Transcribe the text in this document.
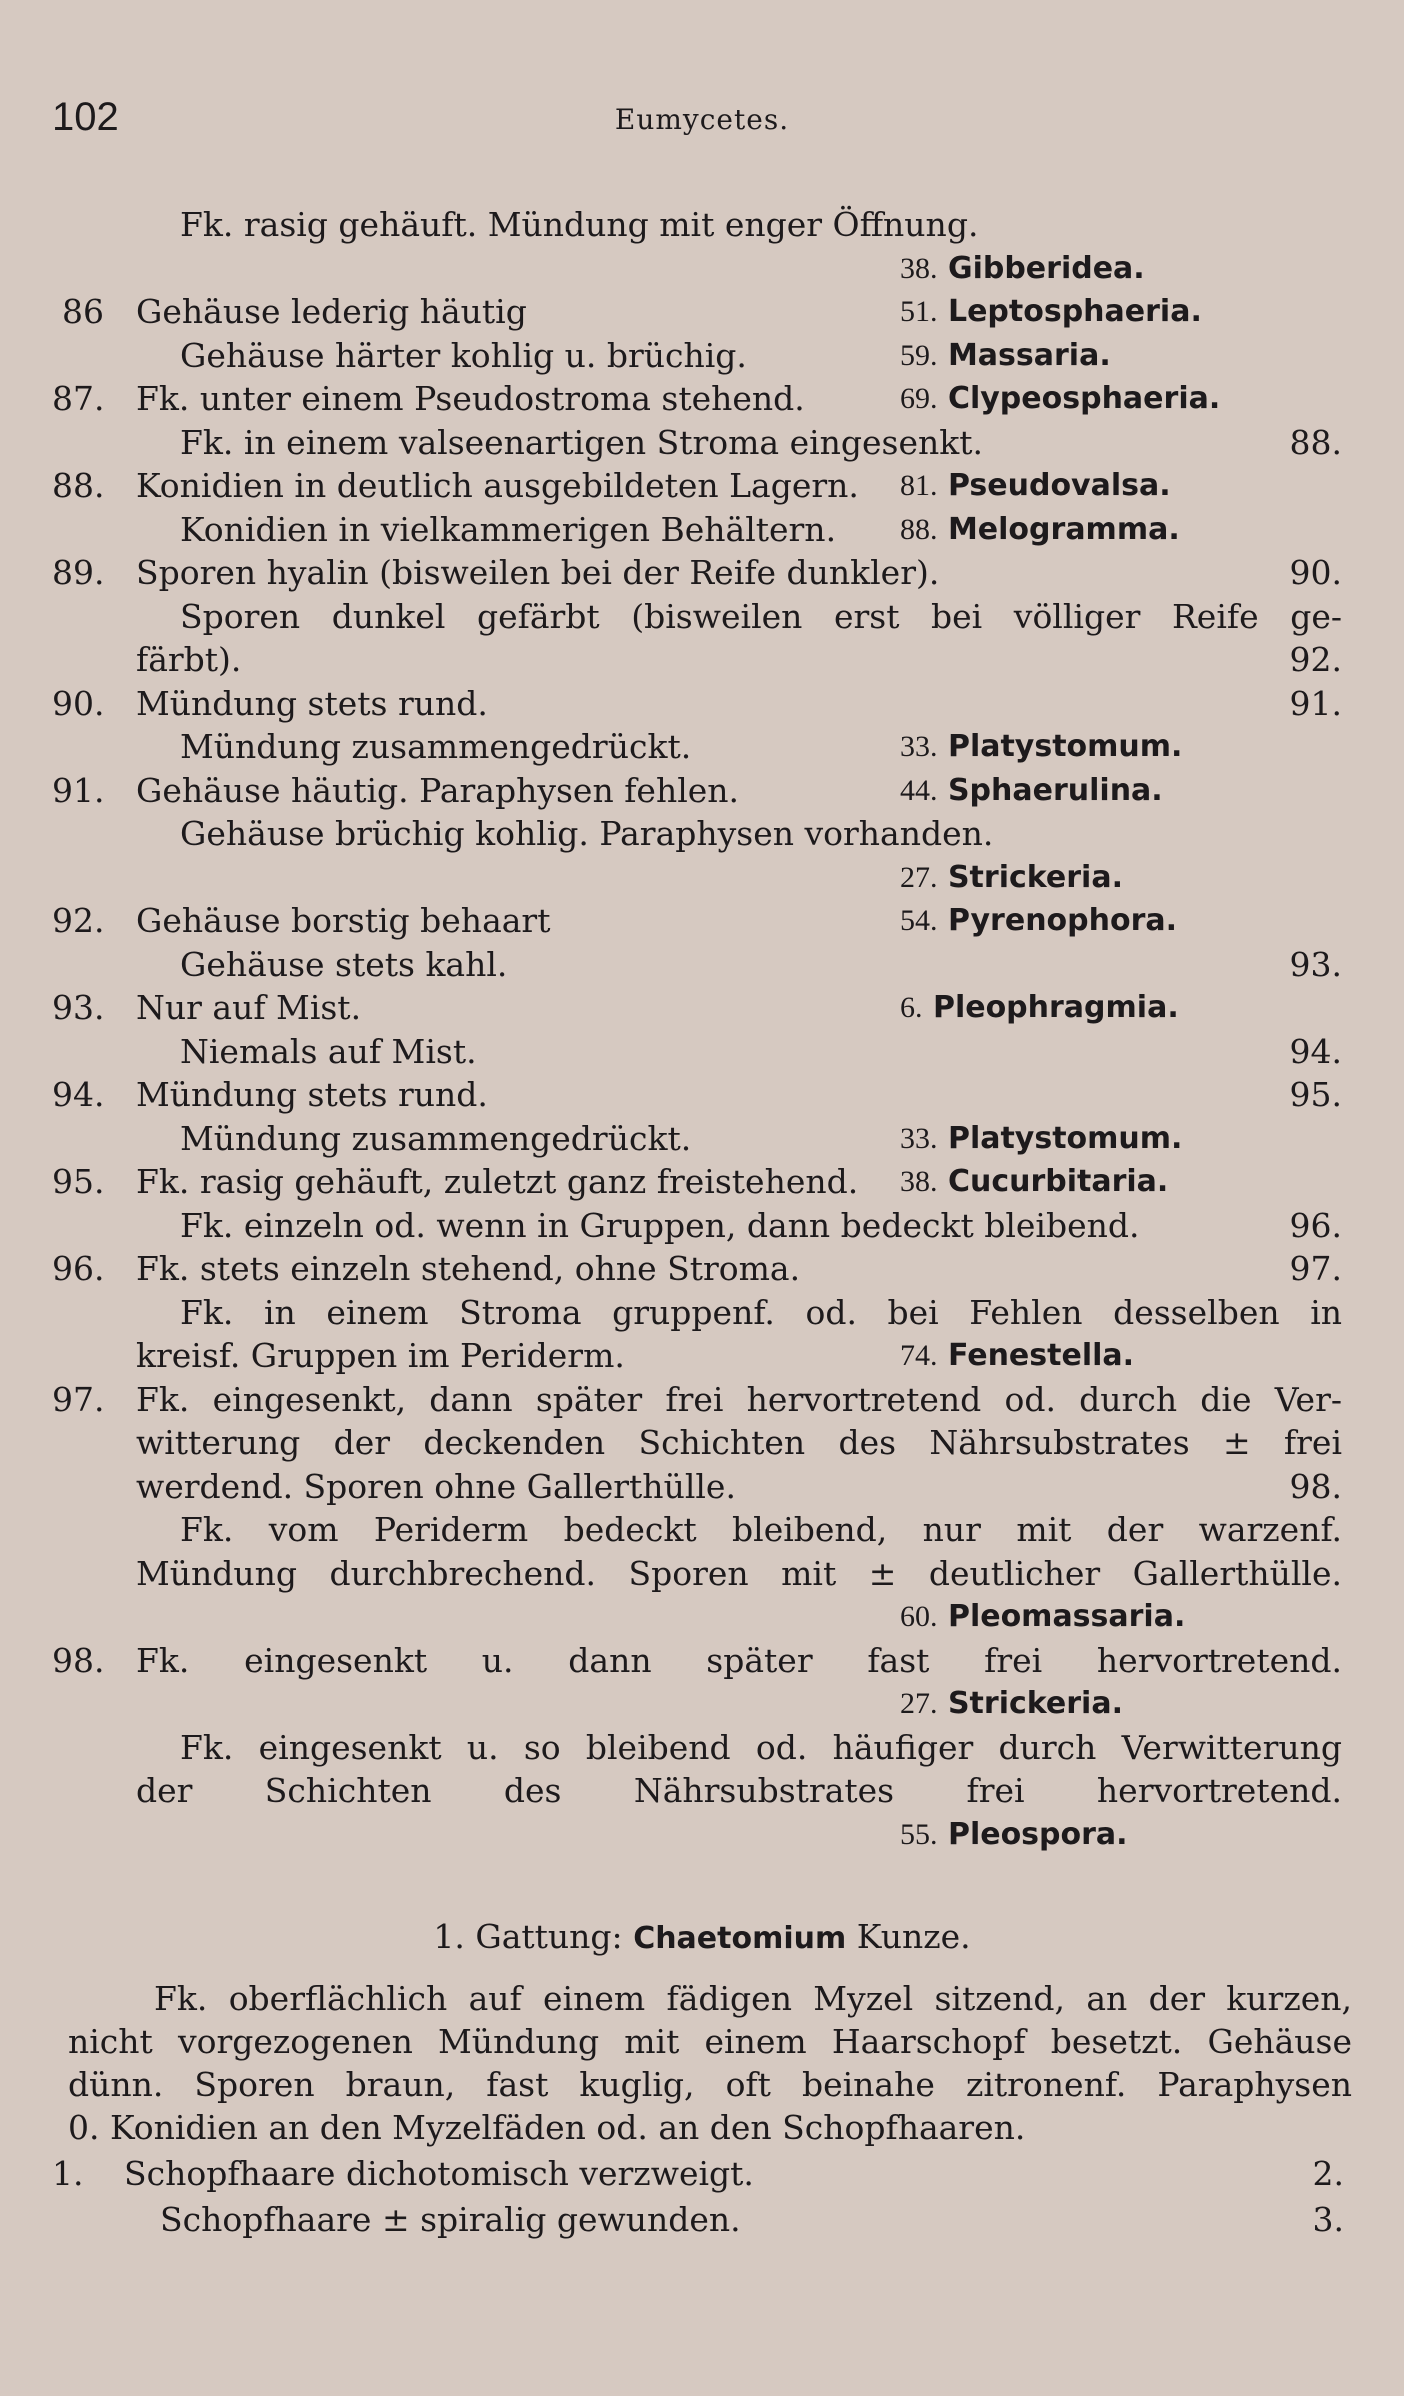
102	Eumycetes.
Fk. rasig gehäuft. Mündung mit enger Öffnung.
38. Gibberidea.
86 Gehäuse lederig häutig	51. Leptosphaeria.
Gehäuse härter kohlig u. brüchig.	59. Massaria.
87. Fk. unter einem Pseudostroma stehend.	69. Clypeosphaeria.
Fk. in einem valseenartigen Stroma eingesenkt.	88.
88. Konidien in deutlich ausgebildeten Lagern. 81. Pseudovalsa.
Konidien in vielkammerigen Behältern. 88. Melogramma.
89. Sporen hyalin (bisweilen bei der Reife dunkler).	90.
Sporen dunkel gefärbt (bisweilen erst bei völliger Reife ge-
färbt).	92.
90. Mündung stets rund.	91.
Mündung zusammengedrückt.	33. Platystomum.
91. Gehäuse häutig. Paraphysen fehlen.	44. Sphaerulina.
Gehäuse brüchig kohlig. Paraphysen vorhanden.
27. Strickeria.
92. Gehäuse borstig behaart	54. Pyrenophora.
Gehäuse stets kahl.	93.
93. Nur auf Mist.	6. Pleophragmia.
Niemals auf Mist.	94.
94. Mündung stets rund.	95.
Mündung zusammengedrückt.	33. Platystomum.
95. Fk. rasig gehäuft, zuletzt ganz freistehend. 38. Cucurbitaria.
Fk. einzeln od. wenn in Gruppen, dann bedeckt bleibend.	96.
96. Fk. stets einzeln stehend, ohne Stroma.	97.
Fk. in einem Stroma gruppenf. od. bei Fehlen desselben in
kreisf. Gruppen im Periderm.	74. Fenestella.
97. Fk. eingesenkt, dann später frei hervortretend od. durch die Ver-
witterung der deckenden Schichten des Nährsubstrates ± frei
werdend. Sporen ohne Gallerthülle.	98.
Fk. vom Periderm bedeckt bleibend, nur mit der warzenf.
Mündung durchbrechend. Sporen mit ± deutlicher Gallerthülle.
60. Pleomassaria.
98. Fk. eingesenkt u. dann später fast frei hervortretend.
27. Strickeria.
Fk. eingesenkt u. so bleibend od. häufiger durch Verwitterung
der Schichten des Nährsubstrates frei hervortretend.
55. Pleospora.
1. Gattung: Chaetomium Kunze.
Fk. oberflächlich auf einem fädigen Myzel sitzend, an der kurzen,
nicht vorgezogenen Mündung mit einem Haarschopf besetzt. Gehäuse
dünn. Sporen braun, fast kuglig, oft beinahe zitronenf. Paraphysen
0. Konidien an den Myzelfäden od. an den Schopfhaaren.
1. Schopfhaare dichotomisch verzweigt.	2.
Schopfhaare ± spiralig gewunden.	3.
